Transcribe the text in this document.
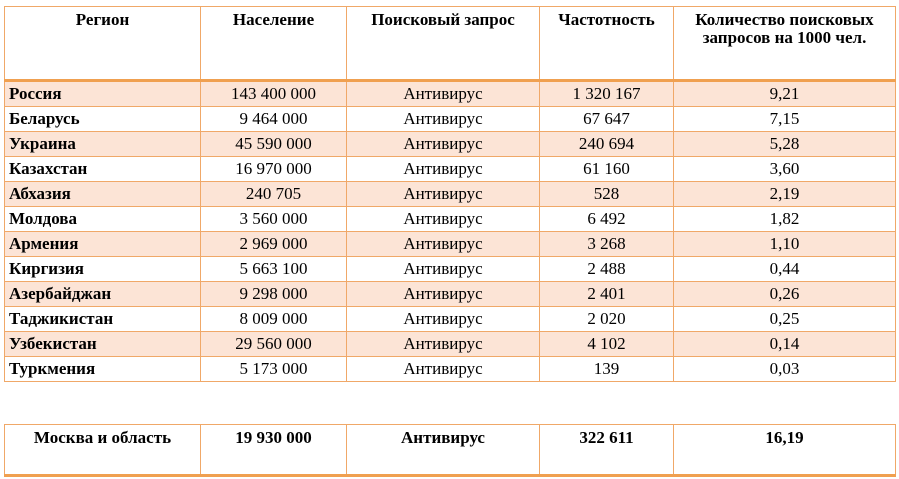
Регион	Население	Поисковый запрос	Частотность	Количество поисковых запросов на 1000 чел.
Россия	143 400 000	Антивирус	1 320 167	9,21
Беларусь	9 464 000	Антивирус	67 647	7,15
Украина	45 590 000	Антивирус	240 694	5,28
Казахстан	16 970 000	Антивирус	61 160	3,60
Абхазия	240 705	Антивирус	528	2,19
Молдова	3 560 000	Антивирус	6 492	1,82
Армения	2 969 000	Антивирус	3 268	1,10
Киргизия	5 663 100	Антивирус	2 488	0,44
Азербайджан	9 298 000	Антивирус	2 401	0,26
Таджикистан	8 009 000	Антивирус	2 020	0,25
Узбекистан	29 560 000	Антивирус	4 102	0,14
Туркмения	5 173 000	Антивирус	139	0,03
Москва и область	19 930 000	Антивирус	322 611	16,19
